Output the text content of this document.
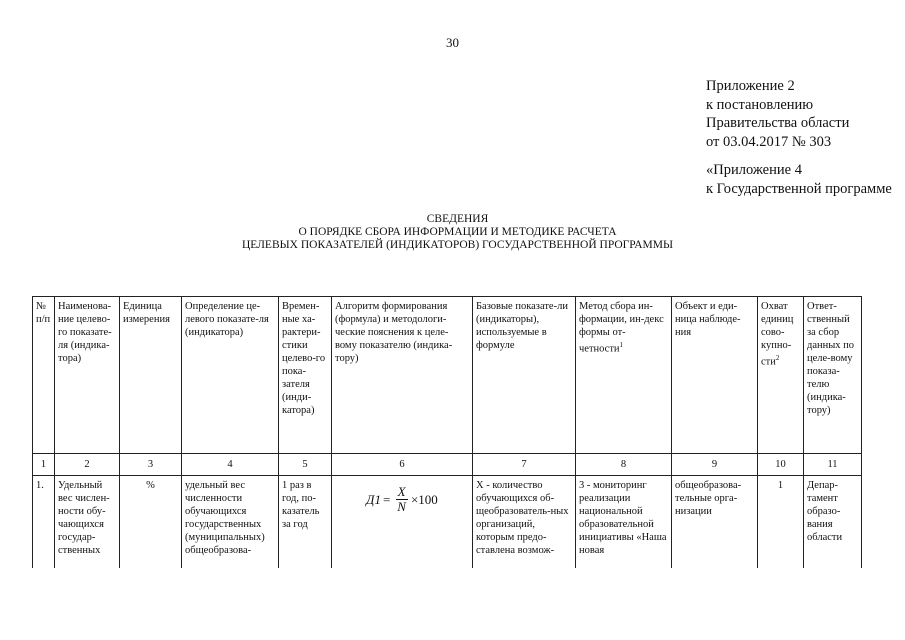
30
Приложение 2
к постановлению
Правительства области
от 03.04.2017 № 303
«Приложение 4
к Государственной программе
СВЕДЕНИЯ
О ПОРЯДКЕ СБОРА ИНФОРМАЦИИ И МЕТОДИКЕ РАСЧЕТА
ЦЕЛЕВЫХ ПОКАЗАТЕЛЕЙ (ИНДИКАТОРОВ) ГОСУДАРСТВЕННОЙ ПРОГРАММЫ
№ п/п	Наименова-ние целево-го показате-ля (индика-тора)	Единица измерения	Определение це-левого показате-ля (индикатора)	Времен-ные ха-рактери-стики целево-го пока-зателя (инди-катора)	Алгоритм формирования (формула) и методологи-ческие пояснения к целе-вому показателю (индика-тору)	Базовые показате-ли (индикаторы), используемые в формуле	Метод сбора ин-формации, ин-декс формы от-четности$^1$	Объект и еди-ница наблюде-ния	Охват единиц сово-купно-сти$^2$	Ответ-ственный за сбор данных по целе-вому показа-телю (индика-тору)
1	2	3	4	5	6	7	8	9	10	11
1.	Удельный вес числен-ности обу-чающихся государ-ственных	%	удельный вес численности обучающихся государственных (муниципальных) общеобразова-	1 раз в год, по-казатель за год	$Д1 = \frac{X}{N} \times 100$	X - количество обучающихся об-щеобразователь-ных организаций, которым предо-ставлена возмож-	3 - мониторинг реализации национальной образовательной инициативы «Наша новая	общеобразова-тельные орга-низации	1	Депар-тамент образо-вания области
